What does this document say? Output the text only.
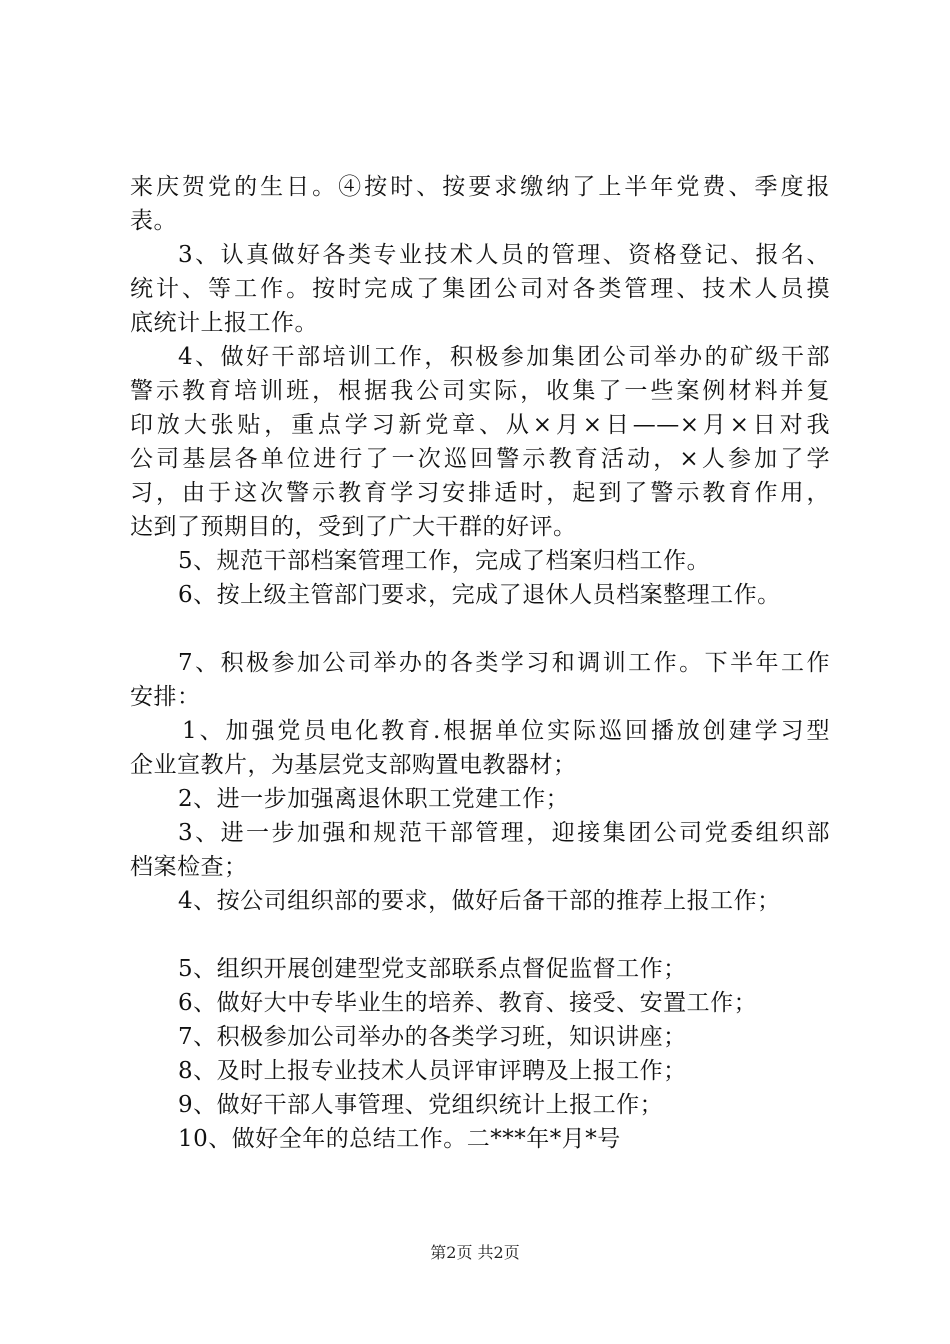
来庆贺党的生日。④按时、按要求缴纳了上半年党费、季度报
表。
3、认真做好各类专业技术人员的管理、资格登记、报名、
统计、等工作。按时完成了集团公司对各类管理、技术人员摸
底统计上报工作。
4、做好干部培训工作，积极参加集团公司举办的矿级干部
警示教育培训班，根据我公司实际，收集了一些案例材料并复
印放大张贴，重点学习新党章、从×月×日——×月×日对我
公司基层各单位进行了一次巡回警示教育活动，×人参加了学
习，由于这次警示教育学习安排适时，起到了警示教育作用，
达到了预期目的，受到了广大干群的好评。
5、规范干部档案管理工作，完成了档案归档工作。
6、按上级主管部门要求，完成了退休人员档案整理工作。
7、积极参加公司举办的各类学习和调训工作。下半年工作
安排：
1、加强党员电化教育.根据单位实际巡回播放创建学习型
企业宣教片，为基层党支部购置电教器材；
2、进一步加强离退休职工党建工作；
3、进一步加强和规范干部管理，迎接集团公司党委组织部
档案检查；
4、按公司组织部的要求，做好后备干部的推荐上报工作；
5、组织开展创建型党支部联系点督促监督工作；
6、做好大中专毕业生的培养、教育、接受、安置工作；
7、积极参加公司举办的各类学习班，知识讲座；
8、及时上报专业技术人员评审评聘及上报工作；
9、做好干部人事管理、党组织统计上报工作；
10、做好全年的总结工作。二***年*月*号
第2页 共2页
